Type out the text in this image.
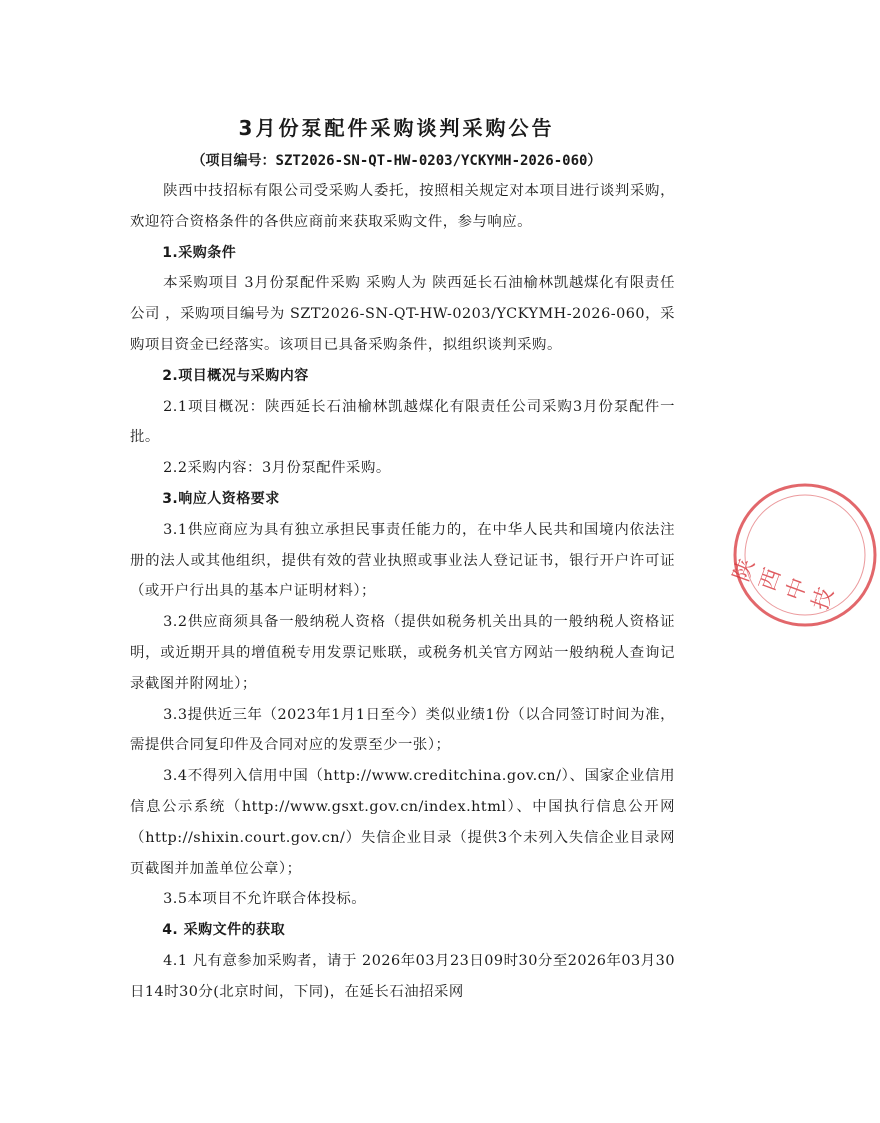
3月份泵配件采购谈判采购公告
（项目编号：SZT2026-SN-QT-HW-0203/YCKYMH-2026-060）

陕西中技招标有限公司受采购人委托，按照相关规定对本项目进行谈判采购，欢迎符合资格条件的各供应商前来获取采购文件，参与响应。

1.采购条件

本采购项目 3月份泵配件采购 采购人为 陕西延长石油榆林凯越煤化有限责任公司 ，采购项目编号为 SZT2026-SN-QT-HW-0203/YCKYMH-2026-060，采购项目资金已经落实。该项目已具备采购条件，拟组织谈判采购。

2.项目概况与采购内容

2.1项目概况：陕西延长石油榆林凯越煤化有限责任公司采购3月份泵配件一批。

2.2采购内容：3月份泵配件采购。

3.响应人资格要求

3.1供应商应为具有独立承担民事责任能力的，在中华人民共和国境内依法注册的法人或其他组织，提供有效的营业执照或事业法人登记证书，银行开户许可证（或开户行出具的基本户证明材料）；

3.2供应商须具备一般纳税人资格（提供如税务机关出具的一般纳税人资格证明，或近期开具的增值税专用发票记账联，或税务机关官方网站一般纳税人查询记录截图并附网址）；

3.3提供近三年（2023年1月1日至今）类似业绩1份（以合同签订时间为准，需提供合同复印件及合同对应的发票至少一张）；

3.4不得列入信用中国（http://www.creditchina.gov.cn/）、国家企业信用信息公示系统（http://www.gsxt.gov.cn/index.html）、中国执行信息公开网（http://shixin.court.gov.cn/）失信企业目录（提供3个未列入失信企业目录网页截图并加盖单位公章）；

3.5本项目不允许联合体投标。

4. 采购文件的获取

4.1 凡有意参加采购者，请于 2026年03月23日09时30分至2026年03月30日14时30分(北京时间，下同)，在延长石油招采网

陕西中技
